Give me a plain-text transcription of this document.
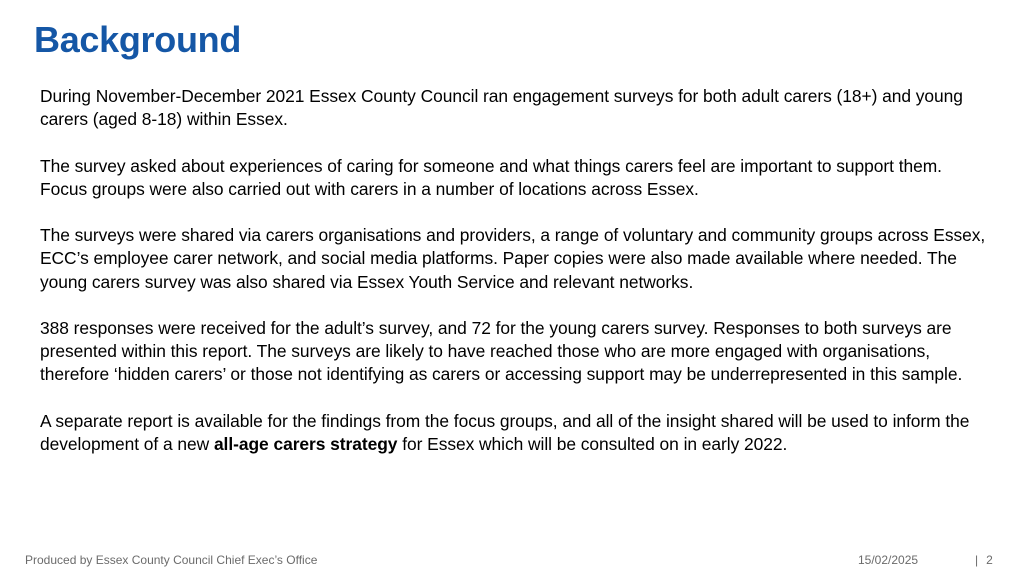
Background

During November-December 2021 Essex County Council ran engagement surveys for both adult carers (18+) and young carers (aged 8-18) within Essex.

The survey asked about experiences of caring for someone and what things carers feel are important to support them. Focus groups were also carried out with carers in a number of locations across Essex.

The surveys were shared via carers organisations and providers, a range of voluntary and community groups across Essex, ECC’s employee carer network, and social media platforms. Paper copies were also made available where needed. The young carers survey was also shared via Essex Youth Service and relevant networks.

388 responses were received for the adult’s survey, and 72 for the young carers survey. Responses to both surveys are presented within this report. The surveys are likely to have reached those who are more engaged with organisations, therefore ‘hidden carers’ or those not identifying as carers or accessing support may be underrepresented in this sample.

A separate report is available for the findings from the focus groups, and all of the insight shared will be used to inform the development of a new all-age carers strategy for Essex which will be consulted on in early 2022.

Produced by Essex County Council Chief Exec’s Office	15/02/2025	| 2
